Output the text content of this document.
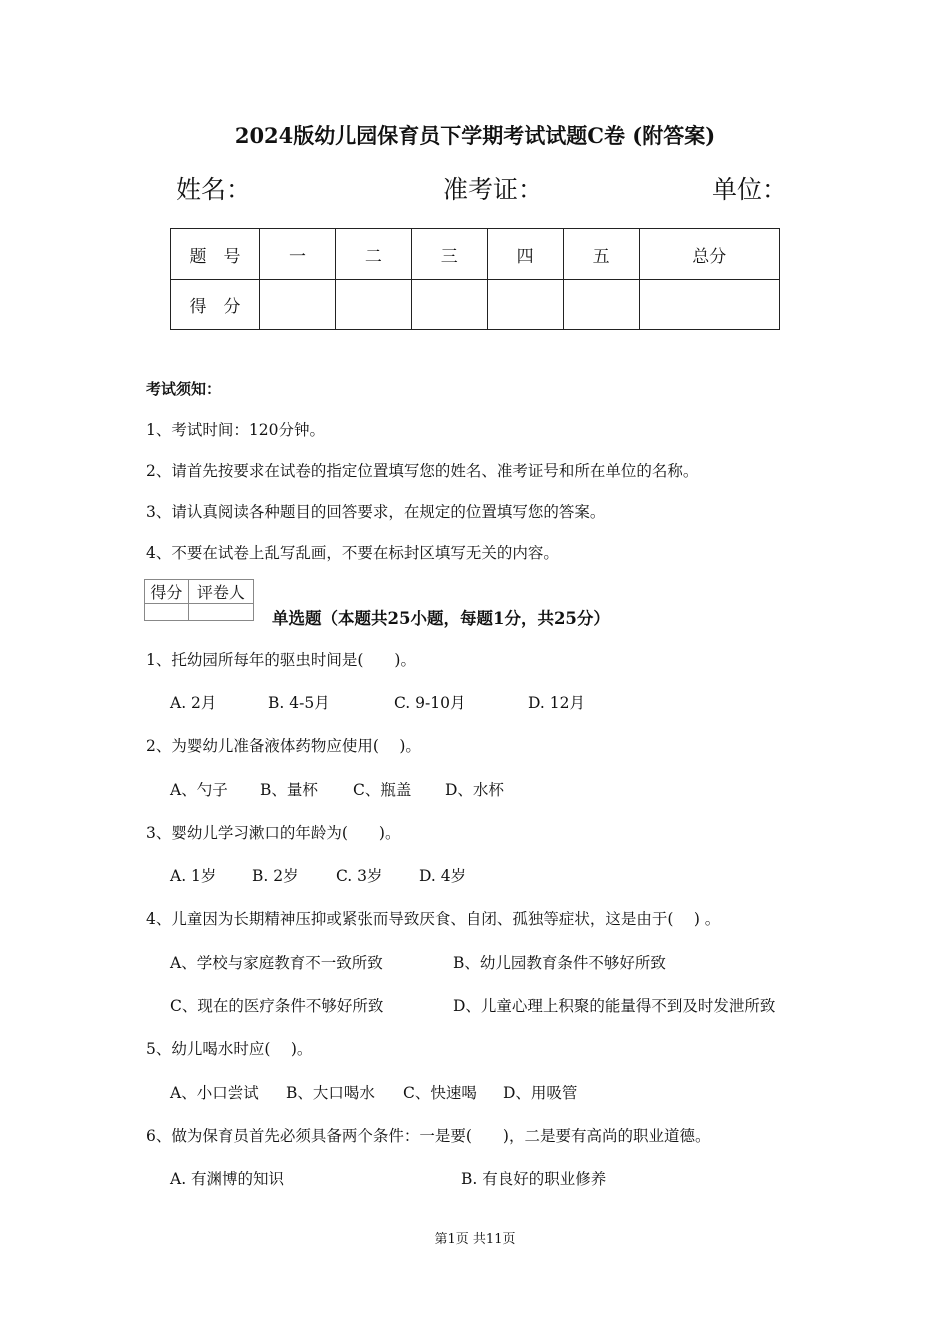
2024版幼儿园保育员下学期考试试题C卷 (附答案)
姓名：	准考证：	单位：
题　号	一	二	三	四	五	总分
得　分						
考试须知：
1、考试时间：120分钟。
2、请首先按要求在试卷的指定位置填写您的姓名、准考证号和所在单位的名称。
3、请认真阅读各种题目的回答要求，在规定的位置填写您的答案。
4、不要在试卷上乱写乱画，不要在标封区填写无关的内容。
得分	评卷人

单选题（本题共25小题，每题1分，共25分）
1、托幼园所每年的驱虫时间是(　　)。
A. 2月	B. 4-5月	C. 9-10月	D. 12月
2、为婴幼儿准备液体药物应使用(　 )。
A、勺子 B、量杯 C、瓶盖 D、水杯
3、婴幼儿学习漱口的年龄为(　　)。
A. 1岁 B. 2岁 C. 3岁 D. 4岁
4、儿童因为长期精神压抑或紧张而导致厌食、自闭、孤独等症状，这是由于(　 ) 。
A、学校与家庭教育不一致所致	B、幼儿园教育条件不够好所致
C、现在的医疗条件不够好所致	D、儿童心理上积聚的能量得不到及时发泄所致
5、幼儿喝水时应(　 )。
A、小口尝试 B、大口喝水 C、快速喝 D、用吸管
6、做为保育员首先必须具备两个条件：一是要(　　)，二是要有高尚的职业道德。
A. 有渊博的知识	B. 有良好的职业修养
第1页 共11页
